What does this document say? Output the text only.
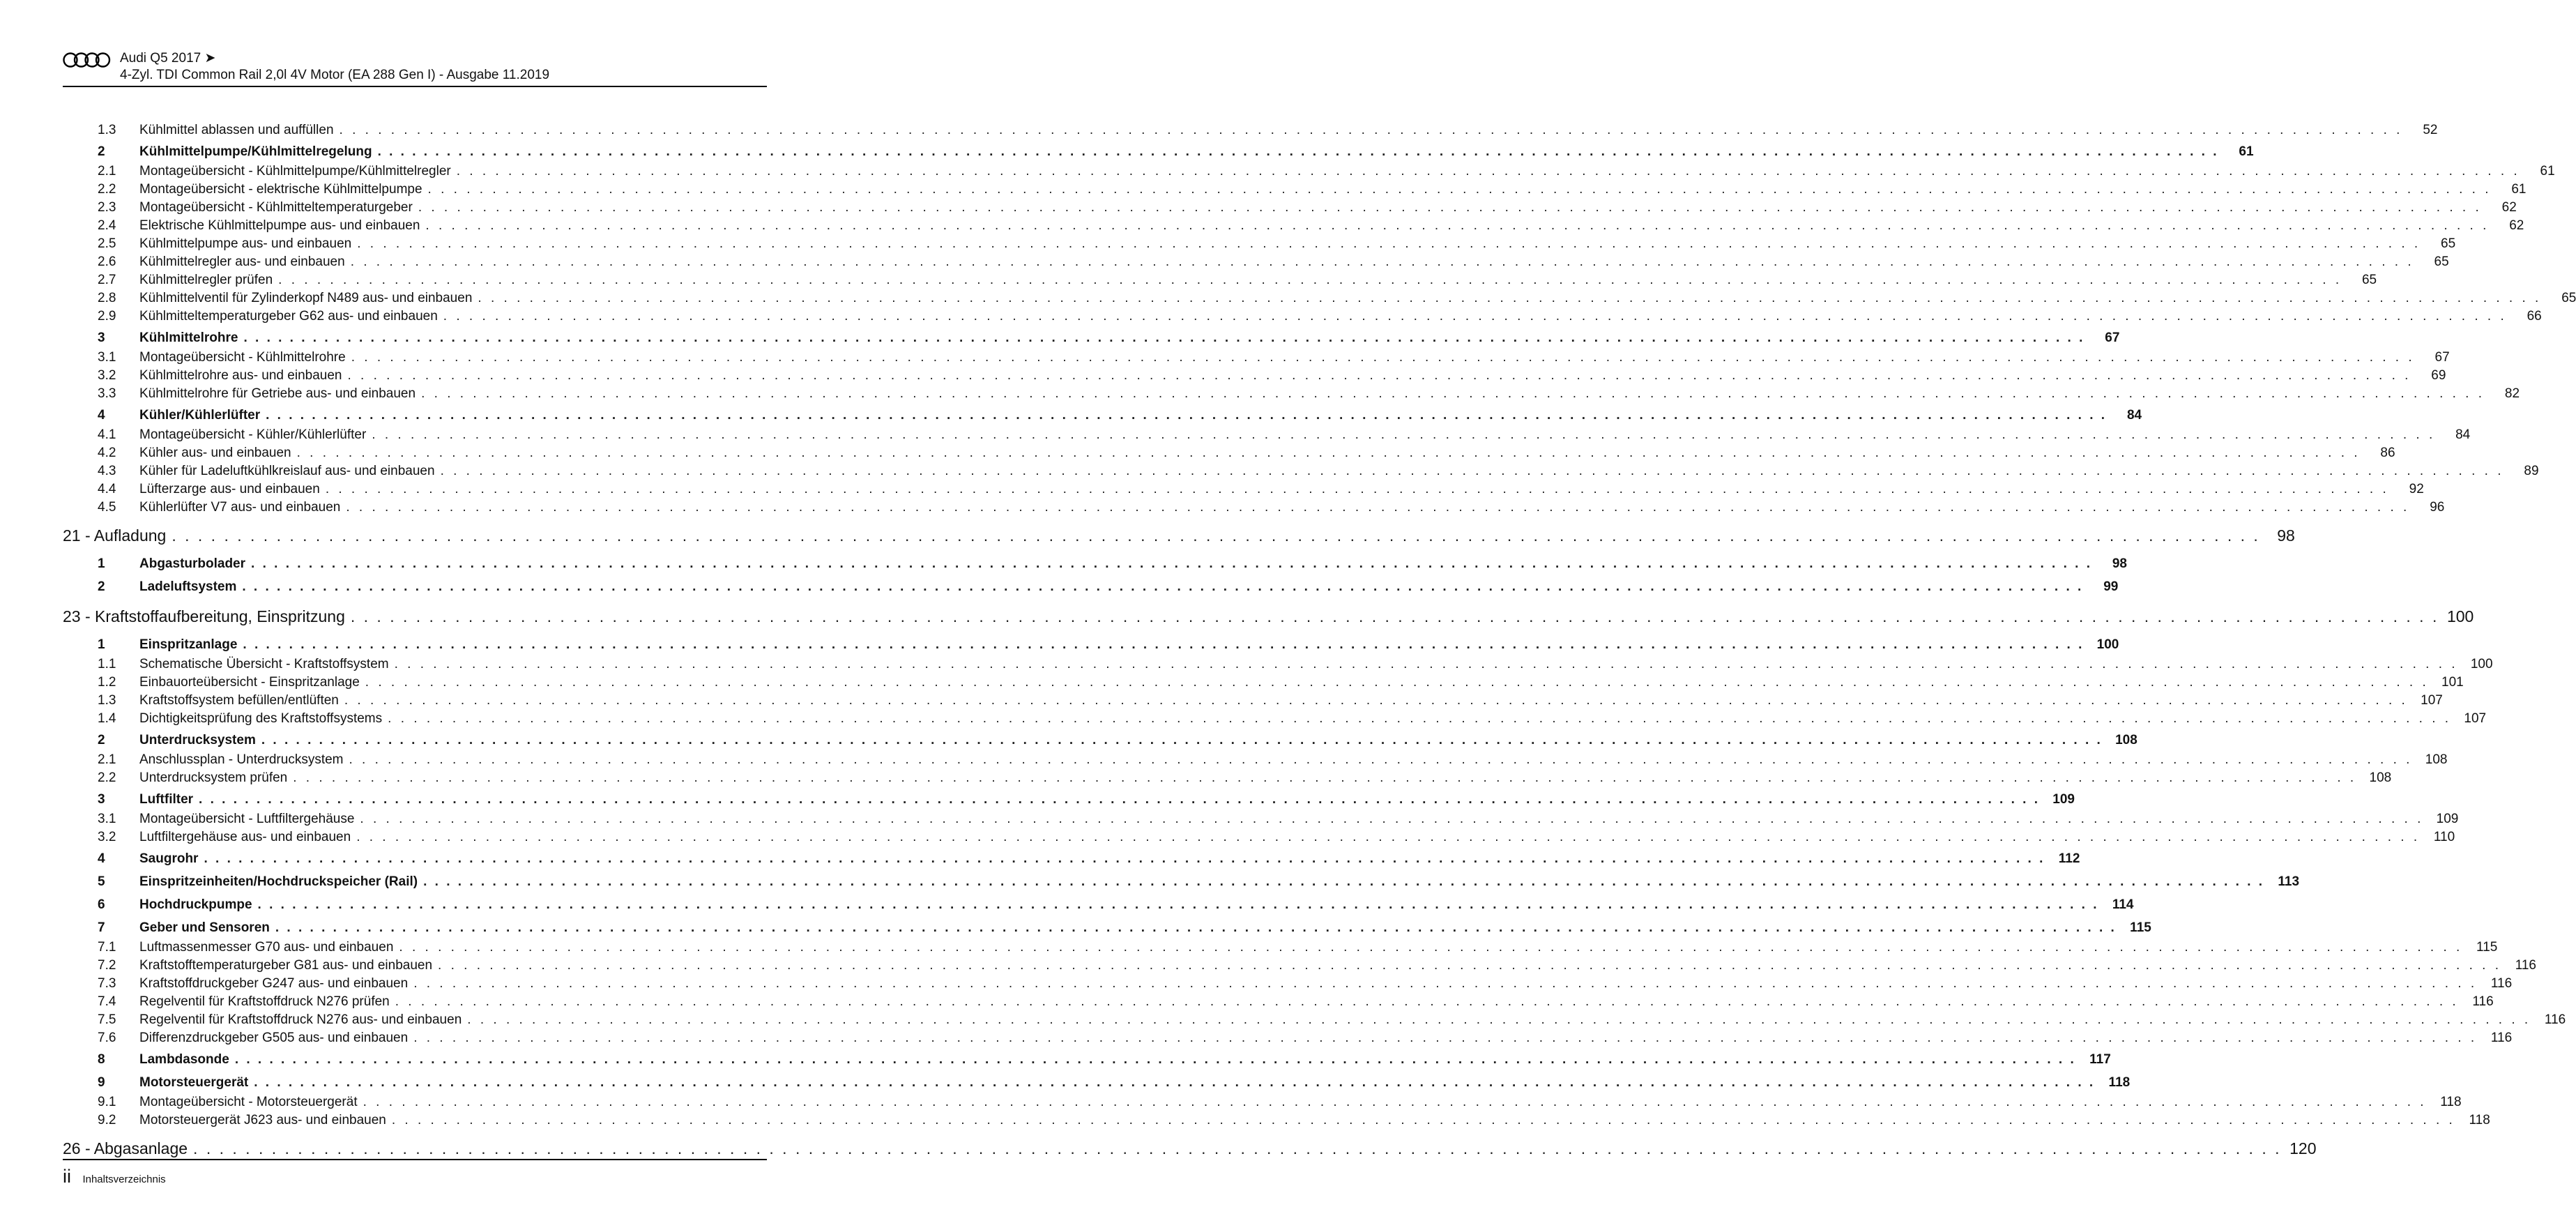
Audi Q5 2017 ➤
4-Zyl. TDI Common Rail 2,0l 4V Motor (EA 288 Gen I) - Ausgabe 11.2019
1.3	Kühlmittel ablassen und auffüllen . . . . . . . . . . . . . . . . . . . . . . . . . . . . . . . . . . . . . . . . . . . . . . . . . . . . . . . . . . . . . . . . . . . . . . . . . . . . . . . . . . . . . . . . . . . . . . . . . . . . . . . . . . . . . . . . . . . . . . . . . . . . . . . . . . . . . . . . . . . . . . . . . . . . . . . . . . . . . . . .	52
2	Kühlmittelpumpe/Kühlmittelregelung . . . . . . . . . . . . . . . . . . . . . . . . . . . . . . . . . . . . . . . . . . . . . . . . . . . . . . . . . . . . . . . . . . . . . . . . . . . . . . . . . . . . . . . . . . . . . . . . . . . . . . . . . . . . . . . . . . . . . . . . . . . . . . . . . . . . . . . . . . . . . . . . . . . . . . . . . . . . . . . .	61
2.1	Montageübersicht - Kühlmittelpumpe/Kühlmittelregler . . . . . . . . . . . . . . . . . . . . . . . . . . . . . . . . . . . . . . . . . . . . . . . . . . . . . . . . . . . . . . . . . . . . . . . . . . . . . . . . . . . . . . . . . . . . . . . . . . . . . . . . . . . . . . . . . . . . . . . . . . . . . . . . . . . . . . . . . . . . . . . . . . . . . . . . . . . . . . . .	61
2.2	Montageübersicht - elektrische Kühlmittelpumpe . . . . . . . . . . . . . . . . . . . . . . . . . . . . . . . . . . . . . . . . . . . . . . . . . . . . . . . . . . . . . . . . . . . . . . . . . . . . . . . . . . . . . . . . . . . . . . . . . . . . . . . . . . . . . . . . . . . . . . . . . . . . . . . . . . . . . . . . . . . . . . . . . . . . . . . . . . . . . . . .	61
2.3	Montageübersicht - Kühlmitteltemperaturgeber . . . . . . . . . . . . . . . . . . . . . . . . . . . . . . . . . . . . . . . . . . . . . . . . . . . . . . . . . . . . . . . . . . . . . . . . . . . . . . . . . . . . . . . . . . . . . . . . . . . . . . . . . . . . . . . . . . . . . . . . . . . . . . . . . . . . . . . . . . . . . . . . . . . . . . . . . . . . . . . .	62
2.4	Elektrische Kühlmittelpumpe aus- und einbauen . . . . . . . . . . . . . . . . . . . . . . . . . . . . . . . . . . . . . . . . . . . . . . . . . . . . . . . . . . . . . . . . . . . . . . . . . . . . . . . . . . . . . . . . . . . . . . . . . . . . . . . . . . . . . . . . . . . . . . . . . . . . . . . . . . . . . . . . . . . . . . . . . . . . . . . . . . . . . . . .	62
2.5	Kühlmittelpumpe aus- und einbauen . . . . . . . . . . . . . . . . . . . . . . . . . . . . . . . . . . . . . . . . . . . . . . . . . . . . . . . . . . . . . . . . . . . . . . . . . . . . . . . . . . . . . . . . . . . . . . . . . . . . . . . . . . . . . . . . . . . . . . . . . . . . . . . . . . . . . . . . . . . . . . . . . . . . . . . . . . . . . . . .	65
2.6	Kühlmittelregler aus- und einbauen . . . . . . . . . . . . . . . . . . . . . . . . . . . . . . . . . . . . . . . . . . . . . . . . . . . . . . . . . . . . . . . . . . . . . . . . . . . . . . . . . . . . . . . . . . . . . . . . . . . . . . . . . . . . . . . . . . . . . . . . . . . . . . . . . . . . . . . . . . . . . . . . . . . . . . . . . . . . . . . .	65
2.7	Kühlmittelregler prüfen . . . . . . . . . . . . . . . . . . . . . . . . . . . . . . . . . . . . . . . . . . . . . . . . . . . . . . . . . . . . . . . . . . . . . . . . . . . . . . . . . . . . . . . . . . . . . . . . . . . . . . . . . . . . . . . . . . . . . . . . . . . . . . . . . . . . . . . . . . . . . . . . . . . . . . . . . . . . . . . .	65
2.8	Kühlmittelventil für Zylinderkopf N489 aus- und einbauen . . . . . . . . . . . . . . . . . . . . . . . . . . . . . . . . . . . . . . . . . . . . . . . . . . . . . . . . . . . . . . . . . . . . . . . . . . . . . . . . . . . . . . . . . . . . . . . . . . . . . . . . . . . . . . . . . . . . . . . . . . . . . . . . . . . . . . . . . . . . . . . . . . . . . . . . . . . . . . . .	65
2.9	Kühlmitteltemperaturgeber G62 aus- und einbauen . . . . . . . . . . . . . . . . . . . . . . . . . . . . . . . . . . . . . . . . . . . . . . . . . . . . . . . . . . . . . . . . . . . . . . . . . . . . . . . . . . . . . . . . . . . . . . . . . . . . . . . . . . . . . . . . . . . . . . . . . . . . . . . . . . . . . . . . . . . . . . . . . . . . . . . . . . . . . . . .	66
3	Kühlmittelrohre . . . . . . . . . . . . . . . . . . . . . . . . . . . . . . . . . . . . . . . . . . . . . . . . . . . . . . . . . . . . . . . . . . . . . . . . . . . . . . . . . . . . . . . . . . . . . . . . . . . . . . . . . . . . . . . . . . . . . . . . . . . . . . . . . . . . . . . . . . . . . . . . . . . . . . . . . . . . . . . .	67
3.1	Montageübersicht - Kühlmittelrohre . . . . . . . . . . . . . . . . . . . . . . . . . . . . . . . . . . . . . . . . . . . . . . . . . . . . . . . . . . . . . . . . . . . . . . . . . . . . . . . . . . . . . . . . . . . . . . . . . . . . . . . . . . . . . . . . . . . . . . . . . . . . . . . . . . . . . . . . . . . . . . . . . . . . . . . . . . . . . . . .	67
3.2	Kühlmittelrohre aus- und einbauen . . . . . . . . . . . . . . . . . . . . . . . . . . . . . . . . . . . . . . . . . . . . . . . . . . . . . . . . . . . . . . . . . . . . . . . . . . . . . . . . . . . . . . . . . . . . . . . . . . . . . . . . . . . . . . . . . . . . . . . . . . . . . . . . . . . . . . . . . . . . . . . . . . . . . . . . . . . . . . . .	69
3.3	Kühlmittelrohre für Getriebe aus- und einbauen . . . . . . . . . . . . . . . . . . . . . . . . . . . . . . . . . . . . . . . . . . . . . . . . . . . . . . . . . . . . . . . . . . . . . . . . . . . . . . . . . . . . . . . . . . . . . . . . . . . . . . . . . . . . . . . . . . . . . . . . . . . . . . . . . . . . . . . . . . . . . . . . . . . . . . . . . . . . . . . .	82
4	Kühler/Kühlerlüfter . . . . . . . . . . . . . . . . . . . . . . . . . . . . . . . . . . . . . . . . . . . . . . . . . . . . . . . . . . . . . . . . . . . . . . . . . . . . . . . . . . . . . . . . . . . . . . . . . . . . . . . . . . . . . . . . . . . . . . . . . . . . . . . . . . . . . . . . . . . . . . . . . . . . . . . . . . . . . . . .	84
4.1	Montageübersicht - Kühler/Kühlerlüfter . . . . . . . . . . . . . . . . . . . . . . . . . . . . . . . . . . . . . . . . . . . . . . . . . . . . . . . . . . . . . . . . . . . . . . . . . . . . . . . . . . . . . . . . . . . . . . . . . . . . . . . . . . . . . . . . . . . . . . . . . . . . . . . . . . . . . . . . . . . . . . . . . . . . . . . . . . . . . . . .	84
4.2	Kühler aus- und einbauen . . . . . . . . . . . . . . . . . . . . . . . . . . . . . . . . . . . . . . . . . . . . . . . . . . . . . . . . . . . . . . . . . . . . . . . . . . . . . . . . . . . . . . . . . . . . . . . . . . . . . . . . . . . . . . . . . . . . . . . . . . . . . . . . . . . . . . . . . . . . . . . . . . . . . . . . . . . . . . . .	86
4.3	Kühler für Ladeluftkühlkreislauf aus- und einbauen . . . . . . . . . . . . . . . . . . . . . . . . . . . . . . . . . . . . . . . . . . . . . . . . . . . . . . . . . . . . . . . . . . . . . . . . . . . . . . . . . . . . . . . . . . . . . . . . . . . . . . . . . . . . . . . . . . . . . . . . . . . . . . . . . . . . . . . . . . . . . . . . . . . . . . . . . . . . . . . .	89
4.4	Lüfterzarge aus- und einbauen . . . . . . . . . . . . . . . . . . . . . . . . . . . . . . . . . . . . . . . . . . . . . . . . . . . . . . . . . . . . . . . . . . . . . . . . . . . . . . . . . . . . . . . . . . . . . . . . . . . . . . . . . . . . . . . . . . . . . . . . . . . . . . . . . . . . . . . . . . . . . . . . . . . . . . . . . . . . . . . .	92
4.5	Kühlerlüfter V7 aus- und einbauen . . . . . . . . . . . . . . . . . . . . . . . . . . . . . . . . . . . . . . . . . . . . . . . . . . . . . . . . . . . . . . . . . . . . . . . . . . . . . . . . . . . . . . . . . . . . . . . . . . . . . . . . . . . . . . . . . . . . . . . . . . . . . . . . . . . . . . . . . . . . . . . . . . . . . . . . . . . . . . . .	96
21 - Aufladung . . . . . . . . . . . . . . . . . . . . . . . . . . . . . . . . . . . . . . . . . . . . . . . . . . . . . . . . . . . . . . . . . . . . . . . . . . . . . . . . . . . . . . . . . . . . . . . . . . . . . . . . . . . . . . . . . . . . . . . . . . . . . . . . . . . . . . . . . . . . . . . . . . . . . . . . . . . . . . . .	98
1	Abgasturbolader . . . . . . . . . . . . . . . . . . . . . . . . . . . . . . . . . . . . . . . . . . . . . . . . . . . . . . . . . . . . . . . . . . . . . . . . . . . . . . . . . . . . . . . . . . . . . . . . . . . . . . . . . . . . . . . . . . . . . . . . . . . . . . . . . . . . . . . . . . . . . . . . . . . . . . . . . . . . . . . .	98
2	Ladeluftsystem . . . . . . . . . . . . . . . . . . . . . . . . . . . . . . . . . . . . . . . . . . . . . . . . . . . . . . . . . . . . . . . . . . . . . . . . . . . . . . . . . . . . . . . . . . . . . . . . . . . . . . . . . . . . . . . . . . . . . . . . . . . . . . . . . . . . . . . . . . . . . . . . . . . . . . . . . . . . . . . .	99
23 - Kraftstoffaufbereitung, Einspritzung . . . . . . . . . . . . . . . . . . . . . . . . . . . . . . . . . . . . . . . . . . . . . . . . . . . . . . . . . . . . . . . . . . . . . . . . . . . . . . . . . . . . . . . . . . . . . . . . . . . . . . . . . . . . . . . . . . . . . . . . . . . . . . . . . . . . . . . . . . . . . . . . . . . . . . . . . . . . . . . . 100
1	Einspritzanlage . . . . . . . . . . . . . . . . . . . . . . . . . . . . . . . . . . . . . . . . . . . . . . . . . . . . . . . . . . . . . . . . . . . . . . . . . . . . . . . . . . . . . . . . . . . . . . . . . . . . . . . . . . . . . . . . . . . . . . . . . . . . . . . . . . . . . . . . . . . . . . . . . . . . . . . . . . . . . . . . 100
1.1	Schematische Übersicht - Kraftstoffsystem . . . . . . . . . . . . . . . . . . . . . . . . . . . . . . . . . . . . . . . . . . . . . . . . . . . . . . . . . . . . . . . . . . . . . . . . . . . . . . . . . . . . . . . . . . . . . . . . . . . . . . . . . . . . . . . . . . . . . . . . . . . . . . . . . . . . . . . . . . . . . . . . . . . . . . . . . . . . . . . . 100
1.2	Einbauorteübersicht - Einspritzanlage . . . . . . . . . . . . . . . . . . . . . . . . . . . . . . . . . . . . . . . . . . . . . . . . . . . . . . . . . . . . . . . . . . . . . . . . . . . . . . . . . . . . . . . . . . . . . . . . . . . . . . . . . . . . . . . . . . . . . . . . . . . . . . . . . . . . . . . . . . . . . . . . . . . . . . . . . . . . . . . . 101
1.3	Kraftstoffsystem befüllen/entlüften . . . . . . . . . . . . . . . . . . . . . . . . . . . . . . . . . . . . . . . . . . . . . . . . . . . . . . . . . . . . . . . . . . . . . . . . . . . . . . . . . . . . . . . . . . . . . . . . . . . . . . . . . . . . . . . . . . . . . . . . . . . . . . . . . . . . . . . . . . . . . . . . . . . . . . . . . . . . . . . . 107
1.4	Dichtigkeitsprüfung des Kraftstoffsystems . . . . . . . . . . . . . . . . . . . . . . . . . . . . . . . . . . . . . . . . . . . . . . . . . . . . . . . . . . . . . . . . . . . . . . . . . . . . . . . . . . . . . . . . . . . . . . . . . . . . . . . . . . . . . . . . . . . . . . . . . . . . . . . . . . . . . . . . . . . . . . . . . . . . . . . . . . . . . . . . 107
2	Unterdrucksystem . . . . . . . . . . . . . . . . . . . . . . . . . . . . . . . . . . . . . . . . . . . . . . . . . . . . . . . . . . . . . . . . . . . . . . . . . . . . . . . . . . . . . . . . . . . . . . . . . . . . . . . . . . . . . . . . . . . . . . . . . . . . . . . . . . . . . . . . . . . . . . . . . . . . . . . . . . . . . . . . 108
2.1	Anschlussplan - Unterdrucksystem . . . . . . . . . . . . . . . . . . . . . . . . . . . . . . . . . . . . . . . . . . . . . . . . . . . . . . . . . . . . . . . . . . . . . . . . . . . . . . . . . . . . . . . . . . . . . . . . . . . . . . . . . . . . . . . . . . . . . . . . . . . . . . . . . . . . . . . . . . . . . . . . . . . . . . . . . . . . . . . . 108
2.2	Unterdrucksystem prüfen . . . . . . . . . . . . . . . . . . . . . . . . . . . . . . . . . . . . . . . . . . . . . . . . . . . . . . . . . . . . . . . . . . . . . . . . . . . . . . . . . . . . . . . . . . . . . . . . . . . . . . . . . . . . . . . . . . . . . . . . . . . . . . . . . . . . . . . . . . . . . . . . . . . . . . . . . . . . . . . . 108
3	Luftfilter . . . . . . . . . . . . . . . . . . . . . . . . . . . . . . . . . . . . . . . . . . . . . . . . . . . . . . . . . . . . . . . . . . . . . . . . . . . . . . . . . . . . . . . . . . . . . . . . . . . . . . . . . . . . . . . . . . . . . . . . . . . . . . . . . . . . . . . . . . . . . . . . . . . . . . . . . . . . . . . . 109
3.1	Montageübersicht - Luftfiltergehäuse . . . . . . . . . . . . . . . . . . . . . . . . . . . . . . . . . . . . . . . . . . . . . . . . . . . . . . . . . . . . . . . . . . . . . . . . . . . . . . . . . . . . . . . . . . . . . . . . . . . . . . . . . . . . . . . . . . . . . . . . . . . . . . . . . . . . . . . . . . . . . . . . . . . . . . . . . . . . . . . . 109
3.2	Luftfiltergehäuse aus- und einbauen . . . . . . . . . . . . . . . . . . . . . . . . . . . . . . . . . . . . . . . . . . . . . . . . . . . . . . . . . . . . . . . . . . . . . . . . . . . . . . . . . . . . . . . . . . . . . . . . . . . . . . . . . . . . . . . . . . . . . . . . . . . . . . . . . . . . . . . . . . . . . . . . . . . . . . . . . . . . . . . .	110
4	Saugrohr . . . . . . . . . . . . . . . . . . . . . . . . . . . . . . . . . . . . . . . . . . . . . . . . . . . . . . . . . . . . . . . . . . . . . . . . . . . . . . . . . . . . . . . . . . . . . . . . . . . . . . . . . . . . . . . . . . . . . . . . . . . . . . . . . . . . . . . . . . . . . . . . . . . . . . . . . . . . . . . .	112
5	Einspritzeinheiten/Hochdruckspeicher (Rail) . . . . . . . . . . . . . . . . . . . . . . . . . . . . . . . . . . . . . . . . . . . . . . . . . . . . . . . . . . . . . . . . . . . . . . . . . . . . . . . . . . . . . . . . . . . . . . . . . . . . . . . . . . . . . . . . . . . . . . . . . . . . . . . . . . . . . . . . . . . . . . . . . . . . . . . . . . . . . . . .	113
6	Hochdruckpumpe . . . . . . . . . . . . . . . . . . . . . . . . . . . . . . . . . . . . . . . . . . . . . . . . . . . . . . . . . . . . . . . . . . . . . . . . . . . . . . . . . . . . . . . . . . . . . . . . . . . . . . . . . . . . . . . . . . . . . . . . . . . . . . . . . . . . . . . . . . . . . . . . . . . . . . . . . . . . . . . .	114
7	Geber und Sensoren . . . . . . . . . . . . . . . . . . . . . . . . . . . . . . . . . . . . . . . . . . . . . . . . . . . . . . . . . . . . . . . . . . . . . . . . . . . . . . . . . . . . . . . . . . . . . . . . . . . . . . . . . . . . . . . . . . . . . . . . . . . . . . . . . . . . . . . . . . . . . . . . . . . . . . . . . . . . . . . .	115
7.1	Luftmassenmesser G70 aus- und einbauen . . . . . . . . . . . . . . . . . . . . . . . . . . . . . . . . . . . . . . . . . . . . . . . . . . . . . . . . . . . . . . . . . . . . . . . . . . . . . . . . . . . . . . . . . . . . . . . . . . . . . . . . . . . . . . . . . . . . . . . . . . . . . . . . . . . . . . . . . . . . . . . . . . . . . . . . . . . . . . . .	115
7.2	Kraftstofftemperaturgeber G81 aus- und einbauen . . . . . . . . . . . . . . . . . . . . . . . . . . . . . . . . . . . . . . . . . . . . . . . . . . . . . . . . . . . . . . . . . . . . . . . . . . . . . . . . . . . . . . . . . . . . . . . . . . . . . . . . . . . . . . . . . . . . . . . . . . . . . . . . . . . . . . . . . . . . . . . . . . . . . . . . . . . . . . . .	116
7.3	Kraftstoffdruckgeber G247 aus- und einbauen . . . . . . . . . . . . . . . . . . . . . . . . . . . . . . . . . . . . . . . . . . . . . . . . . . . . . . . . . . . . . . . . . . . . . . . . . . . . . . . . . . . . . . . . . . . . . . . . . . . . . . . . . . . . . . . . . . . . . . . . . . . . . . . . . . . . . . . . . . . . . . . . . . . . . . . . . . . . . . . .	116
7.4	Regelventil für Kraftstoffdruck N276 prüfen . . . . . . . . . . . . . . . . . . . . . . . . . . . . . . . . . . . . . . . . . . . . . . . . . . . . . . . . . . . . . . . . . . . . . . . . . . . . . . . . . . . . . . . . . . . . . . . . . . . . . . . . . . . . . . . . . . . . . . . . . . . . . . . . . . . . . . . . . . . . . . . . . . . . . . . . . . . . . . . .	116
7.5	Regelventil für Kraftstoffdruck N276 aus- und einbauen . . . . . . . . . . . . . . . . . . . . . . . . . . . . . . . . . . . . . . . . . . . . . . . . . . . . . . . . . . . . . . . . . . . . . . . . . . . . . . . . . . . . . . . . . . . . . . . . . . . . . . . . . . . . . . . . . . . . . . . . . . . . . . . . . . . . . . . . . . . . . . . . . . . . . . . . . . . . . . . .	116
7.6	Differenzdruckgeber G505 aus- und einbauen . . . . . . . . . . . . . . . . . . . . . . . . . . . . . . . . . . . . . . . . . . . . . . . . . . . . . . . . . . . . . . . . . . . . . . . . . . . . . . . . . . . . . . . . . . . . . . . . . . . . . . . . . . . . . . . . . . . . . . . . . . . . . . . . . . . . . . . . . . . . . . . . . . . . . . . . . . . . . . . .	116
8	Lambdasonde . . . . . . . . . . . . . . . . . . . . . . . . . . . . . . . . . . . . . . . . . . . . . . . . . . . . . . . . . . . . . . . . . . . . . . . . . . . . . . . . . . . . . . . . . . . . . . . . . . . . . . . . . . . . . . . . . . . . . . . . . . . . . . . . . . . . . . . . . . . . . . . . . . . . . . . . . . . . . . . .	117
9	Motorsteuergerät . . . . . . . . . . . . . . . . . . . . . . . . . . . . . . . . . . . . . . . . . . . . . . . . . . . . . . . . . . . . . . . . . . . . . . . . . . . . . . . . . . . . . . . . . . . . . . . . . . . . . . . . . . . . . . . . . . . . . . . . . . . . . . . . . . . . . . . . . . . . . . . . . . . . . . . . . . . . . . . .	118
9.1	Montageübersicht - Motorsteuergerät . . . . . . . . . . . . . . . . . . . . . . . . . . . . . . . . . . . . . . . . . . . . . . . . . . . . . . . . . . . . . . . . . . . . . . . . . . . . . . . . . . . . . . . . . . . . . . . . . . . . . . . . . . . . . . . . . . . . . . . . . . . . . . . . . . . . . . . . . . . . . . . . . . . . . . . . . . . . . . . .	118
9.2	Motorsteuergerät J623 aus- und einbauen . . . . . . . . . . . . . . . . . . . . . . . . . . . . . . . . . . . . . . . . . . . . . . . . . . . . . . . . . . . . . . . . . . . . . . . . . . . . . . . . . . . . . . . . . . . . . . . . . . . . . . . . . . . . . . . . . . . . . . . . . . . . . . . . . . . . . . . . . . . . . . . . . . . . . . . . . . . . . . . .	118
26 - Abgasanlage . . . . . . . . . . . . . . . . . . . . . . . . . . . . . . . . . . . . . . . . . . . . . . . . . . . . . . . . . . . . . . . . . . . . . . . . . . . . . . . . . . . . . . . . . . . . . . . . . . . . . . . . . . . . . . . . . . . . . . . . . . . . . . . . . . . . . . . . . . . . . . . . . . . . . . . . . . . . . . . . 120
ii Inhaltsverzeichnis
